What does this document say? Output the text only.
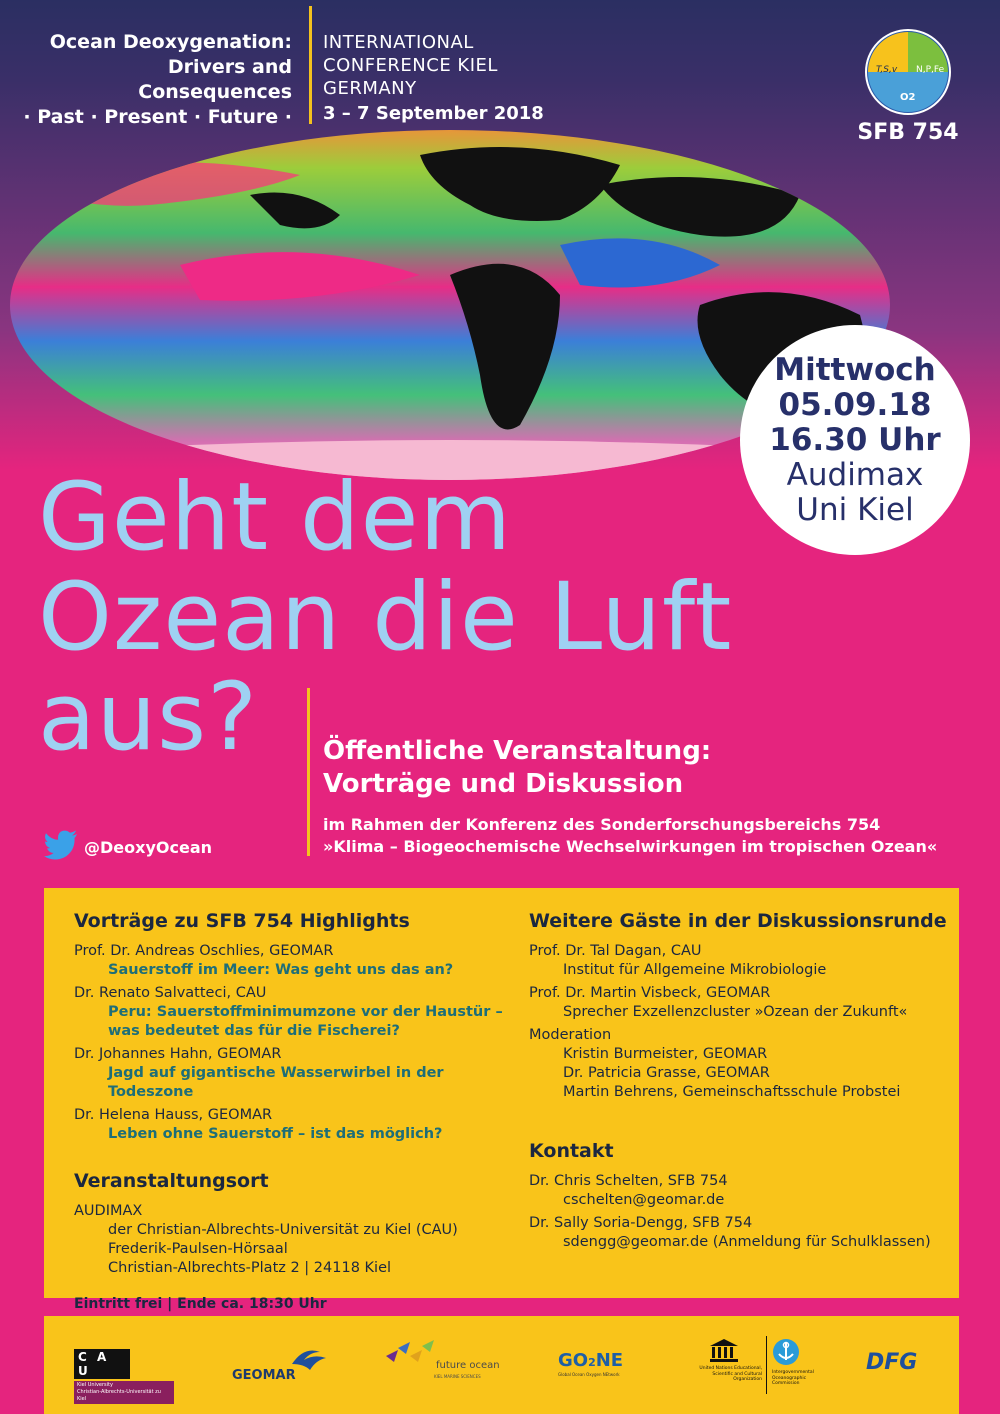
Ocean Deoxygenation:
Drivers and Consequences
· Past · Present · Future ·
INTERNATIONAL
CONFERENCE KIEL
GERMANY
3 – 7 September 2018
T,S,v N,P,Fe
O2
SFB 754
Mittwoch
05.09.18
16.30 Uhr
Audimax
Uni Kiel
Geht dem
Ozean die Luft
aus?	Öffentliche Veranstaltung:
Vorträge und Diskussion
im Rahmen der Konferenz des Sonderforschungsbereichs 754
»Klima – Biogeochemische Wechselwirkungen im tropischen Ozean«
@DeoxyOcean
Vorträge zu SFB 754 Highlights
Prof. Dr. Andreas Oschlies, GEOMAR
Sauerstoff im Meer: Was geht uns das an?
Dr. Renato Salvatteci, CAU
Peru: Sauerstoffminimumzone vor der Haustür –
was bedeutet das für die Fischerei?
Dr. Johannes Hahn, GEOMAR
Jagd auf gigantische Wasserwirbel in der Todeszone
Dr. Helena Hauss, GEOMAR
Leben ohne Sauerstoff – ist das möglich?
Veranstaltungsort
AUDIMAX
der Christian-Albrechts-Universität zu Kiel (CAU)
Frederik-Paulsen-Hörsaal
Christian-Albrechts-Platz 2 | 24118 Kiel
Eintritt frei | Ende ca. 18:30 Uhr
Weitere Gäste in der Diskussionsrunde
Prof. Dr. Tal Dagan, CAU
Institut für Allgemeine Mikrobiologie
Prof. Dr. Martin Visbeck, GEOMAR
Sprecher Exzellenzcluster »Ozean der Zukunft«
Moderation
Kristin Burmeister, GEOMAR
Dr. Patricia Grasse, GEOMAR
Martin Behrens, Gemeinschaftsschule Probstei
Kontakt
Dr. Chris Schelten, SFB 754
cschelten@geomar.de
Dr. Sally Soria-Dengg, SFB 754
sdengg@geomar.de (Anmeldung für Schulklassen)
C A U
Kiel University
Christian-Albrechts-Universität zu Kiel
GEOMAR
future ocean
KIEL MARINE SCIENCES
GO2NE
Global Ocean Oxygen NEtwork
United Nations Educational, Scientific and Cultural Organization
Intergovernmental Oceanographic Commission
DFG
